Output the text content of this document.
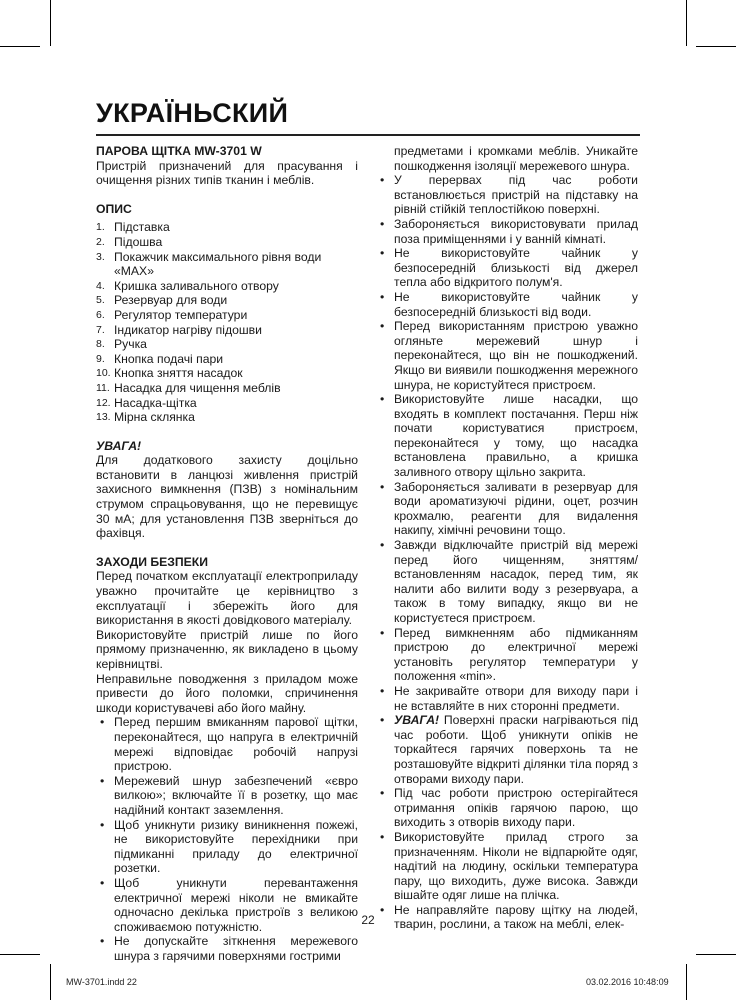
УКРАЇНЬСКИЙ

ПАРОВА ЩІТКА MW-3701 W

Пристрій призначений для прасування і очищення різних типів тканин і меблів.

ОПИС

1. Підставка
2. Підошва
3. Покажчик максимального рівня води «MAX»
4. Кришка заливального отвору
5. Резервуар для води
6. Регулятор температури
7. Індикатор нагріву підошви
8. Ручка
9. Кнопка подачі пари
10. Кнопка зняття насадок
11. Насадка для чищення меблів
12. Насадка-щітка
13. Мірна склянка

УВАГА!

Для додаткового захисту доцільно встановити в ланцюзі живлення пристрій захисного вимкнення (ПЗВ) з номінальним струмом спрацьовування, що не перевищує 30 мА; для установлення ПЗВ зверніться до фахівця.

ЗАХОДИ БЕЗПЕКИ

Перед початком експлуатації електроприладу уважно прочитайте це керівництво з експлуатації і збережіть його для використання в якості довідкового матеріалу.

Використовуйте пристрій лише по його прямому призначенню, як викладено в цьому керівництві.

Неправильне поводження з приладом може привести до його поломки, спричинення шкоди користувачеві або його майну.

• Перед першим вмиканням парової щітки, переконайтеся, що напруга в електричній мережі відповідає робочій напрузі пристрою.
• Мережевий шнур забезпечений «євро вилкою»; включайте її в розетку, що має надійний контакт заземлення.
• Щоб уникнути ризику виникнення пожежі, не використовуйте перехідники при підмиканні приладу до електричної розетки.
• Щоб уникнути перевантаження електричної мережі ніколи не вмикайте одночасно декілька пристроїв з великою споживаємою потужністю.
• Не допускайте зіткнення мережевого шнура з гарячими поверхнями гострими

предметами і кромками меблів. Уникайте пошкодження ізоляції мережевого шнура.

• У перервах під час роботи встановлюється пристрій на підставку на рівній стійкій теплостійкою поверхні.
• Забороняється використовувати прилад поза приміщеннями і у ванній кімнаті.
• Не використовуйте чайник у безпосередній близькості від джерел тепла або відкритого полум'я.
• Не використовуйте чайник у безпосередній близькості від води.
• Перед використанням пристрою уважно огляньте мережевий шнур і переконайтеся, що він не пошкоджений. Якщо ви виявили пошкодження мережного шнура, не користуйтеся пристроєм.
• Використовуйте лише насадки, що входять в комплект постачання. Перш ніж почати користуватися пристроєм, переконайтеся у тому, що насадка встановлена правильно, а кришка заливного отвору щільно закрита.
• Забороняється заливати в резервуар для води ароматизуючі рідини, оцет, розчин крохмалю, реагенти для видалення накипу, хімічні речовини тощо.
• Завжди відключайте пристрій від мережі перед його чищенням, зняттям/встановленням насадок, перед тим, як налити або вилити воду з резервуара, а також в тому випадку, якщо ви не користуєтеся пристроєм.
• Перед вимкненням або підмиканням пристрою до електричної мережі установіть регулятор температури у положення «min».
• Не закривайте отвори для виходу пари і не вставляйте в них сторонні предмети.
• УВАГА! Поверхні праски нагріваються під час роботи. Щоб уникнути опіків не торкайтеся гарячих поверхонь та не розташовуйте відкриті ділянки тіла поряд з отворами виходу пари.
• Під час роботи пристрою остерігайтеся отримання опіків гарячою парою, що виходить з отворів виходу пари.
• Використовуйте прилад строго за призначенням. Ніколи не відпарюйте одяг, надітий на людину, оскільки температура пару, що виходить, дуже висока. Завжди вішайте одяг лише на плічка.
• Не направляйте парову щітку на людей, тварин, рослини, а також на меблі, елек-
22
MW-3701.indd 22	03.02.2016 10:48:09
